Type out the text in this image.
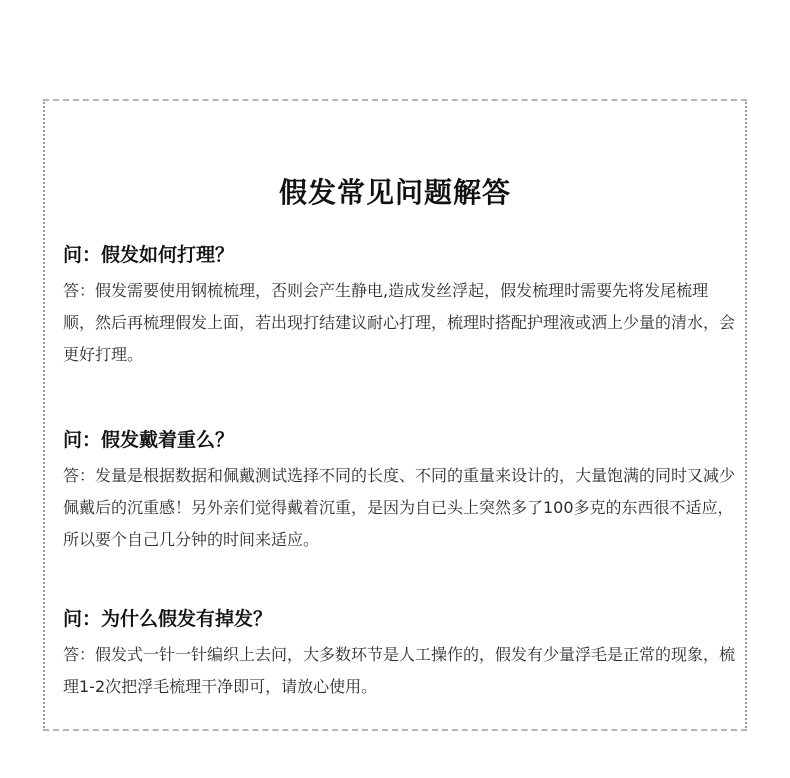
假发常见问题解答

问：假发如何打理？

答：假发需要使用钢梳梳理，否则会产生静电,造成发丝浮起，假发梳理时需要先将发尾梳理顺，然后再梳理假发上面，若出现打结建议耐心打理，梳理时搭配护理液或洒上少量的清水，会更好打理。

问：假发戴着重么？

答：发量是根据数据和佩戴测试选择不同的长度、不同的重量来设计的，大量饱满的同时又减少佩戴后的沉重感！另外亲们觉得戴着沉重，是因为自已头上突然多了100多克的东西很不适应，所以要个自己几分钟的时间来适应。

问：为什么假发有掉发？

答：假发式一针一针编织上去问，大多数环节是人工操作的，假发有少量浮毛是正常的现象，梳理1-2次把浮毛梳理干净即可，请放心使用。
